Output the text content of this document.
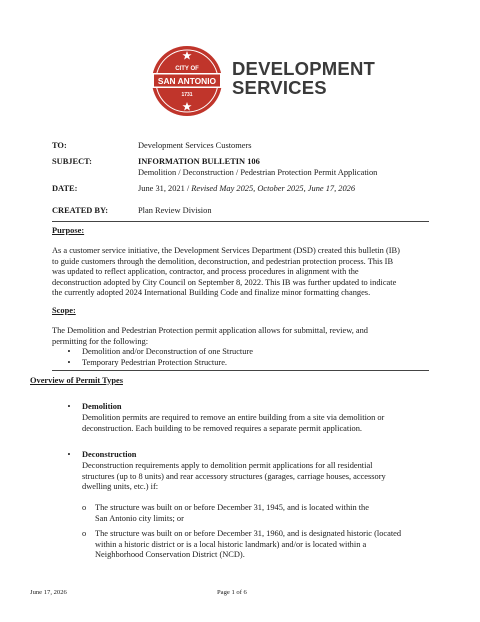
CITY OF
SAN ANTONIO
1731
DEVELOPMENT
SERVICES
TO:	Development Services Customers
SUBJECT:	INFORMATION BULLETIN 106
Demolition / Deconstruction / Pedestrian Protection Permit Application
DATE:	June 31, 2021 / Revised May 2025, October 2025, June 17, 2026
CREATED BY:	Plan Review Division
Purpose:
As a customer service initiative, the Development Services Department (DSD) created this bulletin (IB)
to guide customers through the demolition, deconstruction, and pedestrian protection process. This IB
was updated to reflect application, contractor, and process procedures in alignment with the
deconstruction adopted by City Council on September 8, 2022. This IB was further updated to indicate
the currently adopted 2024 International Building Code and finalize minor formatting changes.
Scope:
The Demolition and Pedestrian Protection permit application allows for submittal, review, and
permitting for the following:
•	Demolition and/or Deconstruction of one Structure
•	Temporary Pedestrian Protection Structure.
Overview of Permit Types
•	Demolition
Demolition permits are required to remove an entire building from a site via demolition or
deconstruction. Each building to be removed requires a separate permit application.
•	Deconstruction
Deconstruction requirements apply to demolition permit applications for all residential
structures (up to 8 units) and rear accessory structures (garages, carriage houses, accessory
dwelling units, etc.) if:
o The structure was built on or before December 31, 1945, and is located within the
San Antonio city limits; or
o The structure was built on or before December 31, 1960, and is designated historic (located
within a historic district or is a local historic landmark) and/or is located within a
Neighborhood Conservation District (NCD).
June 17, 2026	Page 1 of 6
